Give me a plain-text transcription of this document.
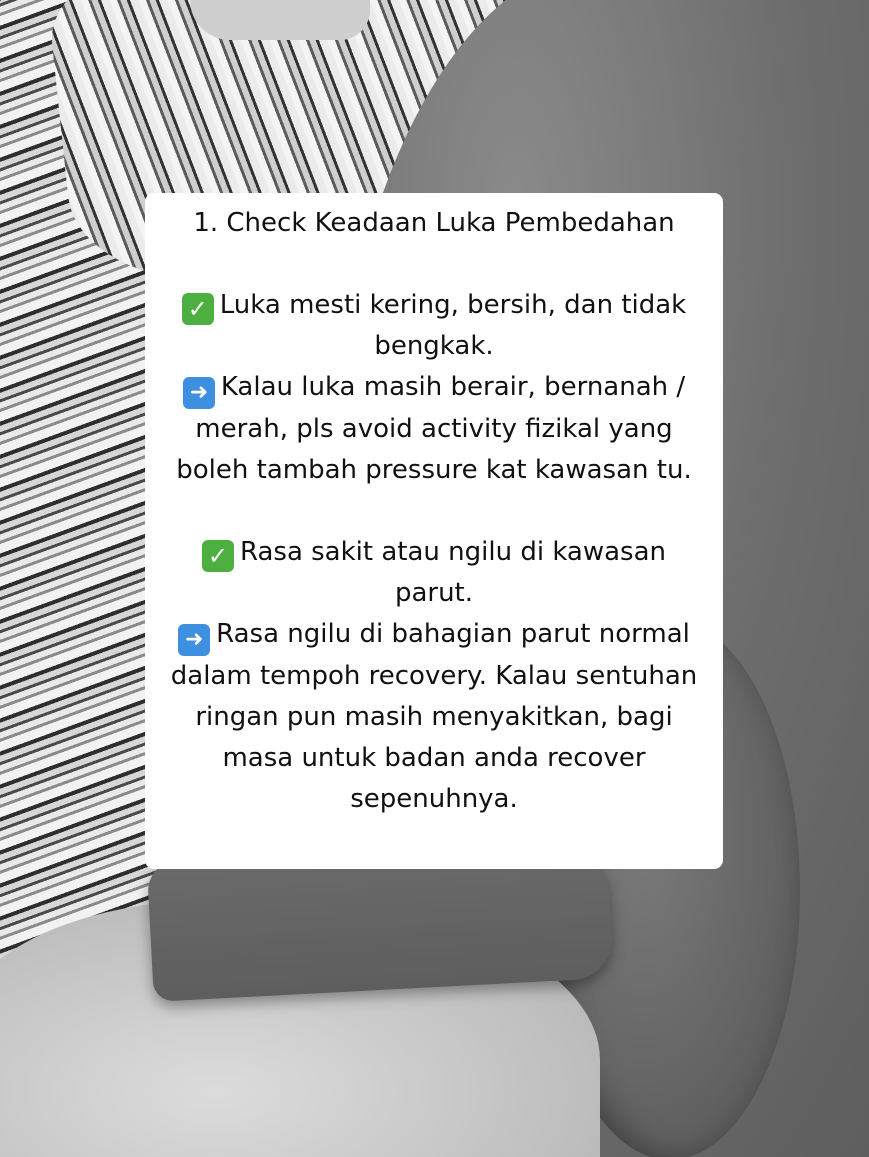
1. Check Keadaan Luka Pembedahan

✓ Luka mesti kering, bersih, dan tidak bengkak.

➜ Kalau luka masih berair, bernanah / merah, pls avoid activity fizikal yang boleh tambah pressure kat kawasan tu.

✓ Rasa sakit atau ngilu di kawasan parut.

➜ Rasa ngilu di bahagian parut normal dalam tempoh recovery. Kalau sentuhan ringan pun masih menyakitkan, bagi masa untuk badan anda recover sepenuhnya.
